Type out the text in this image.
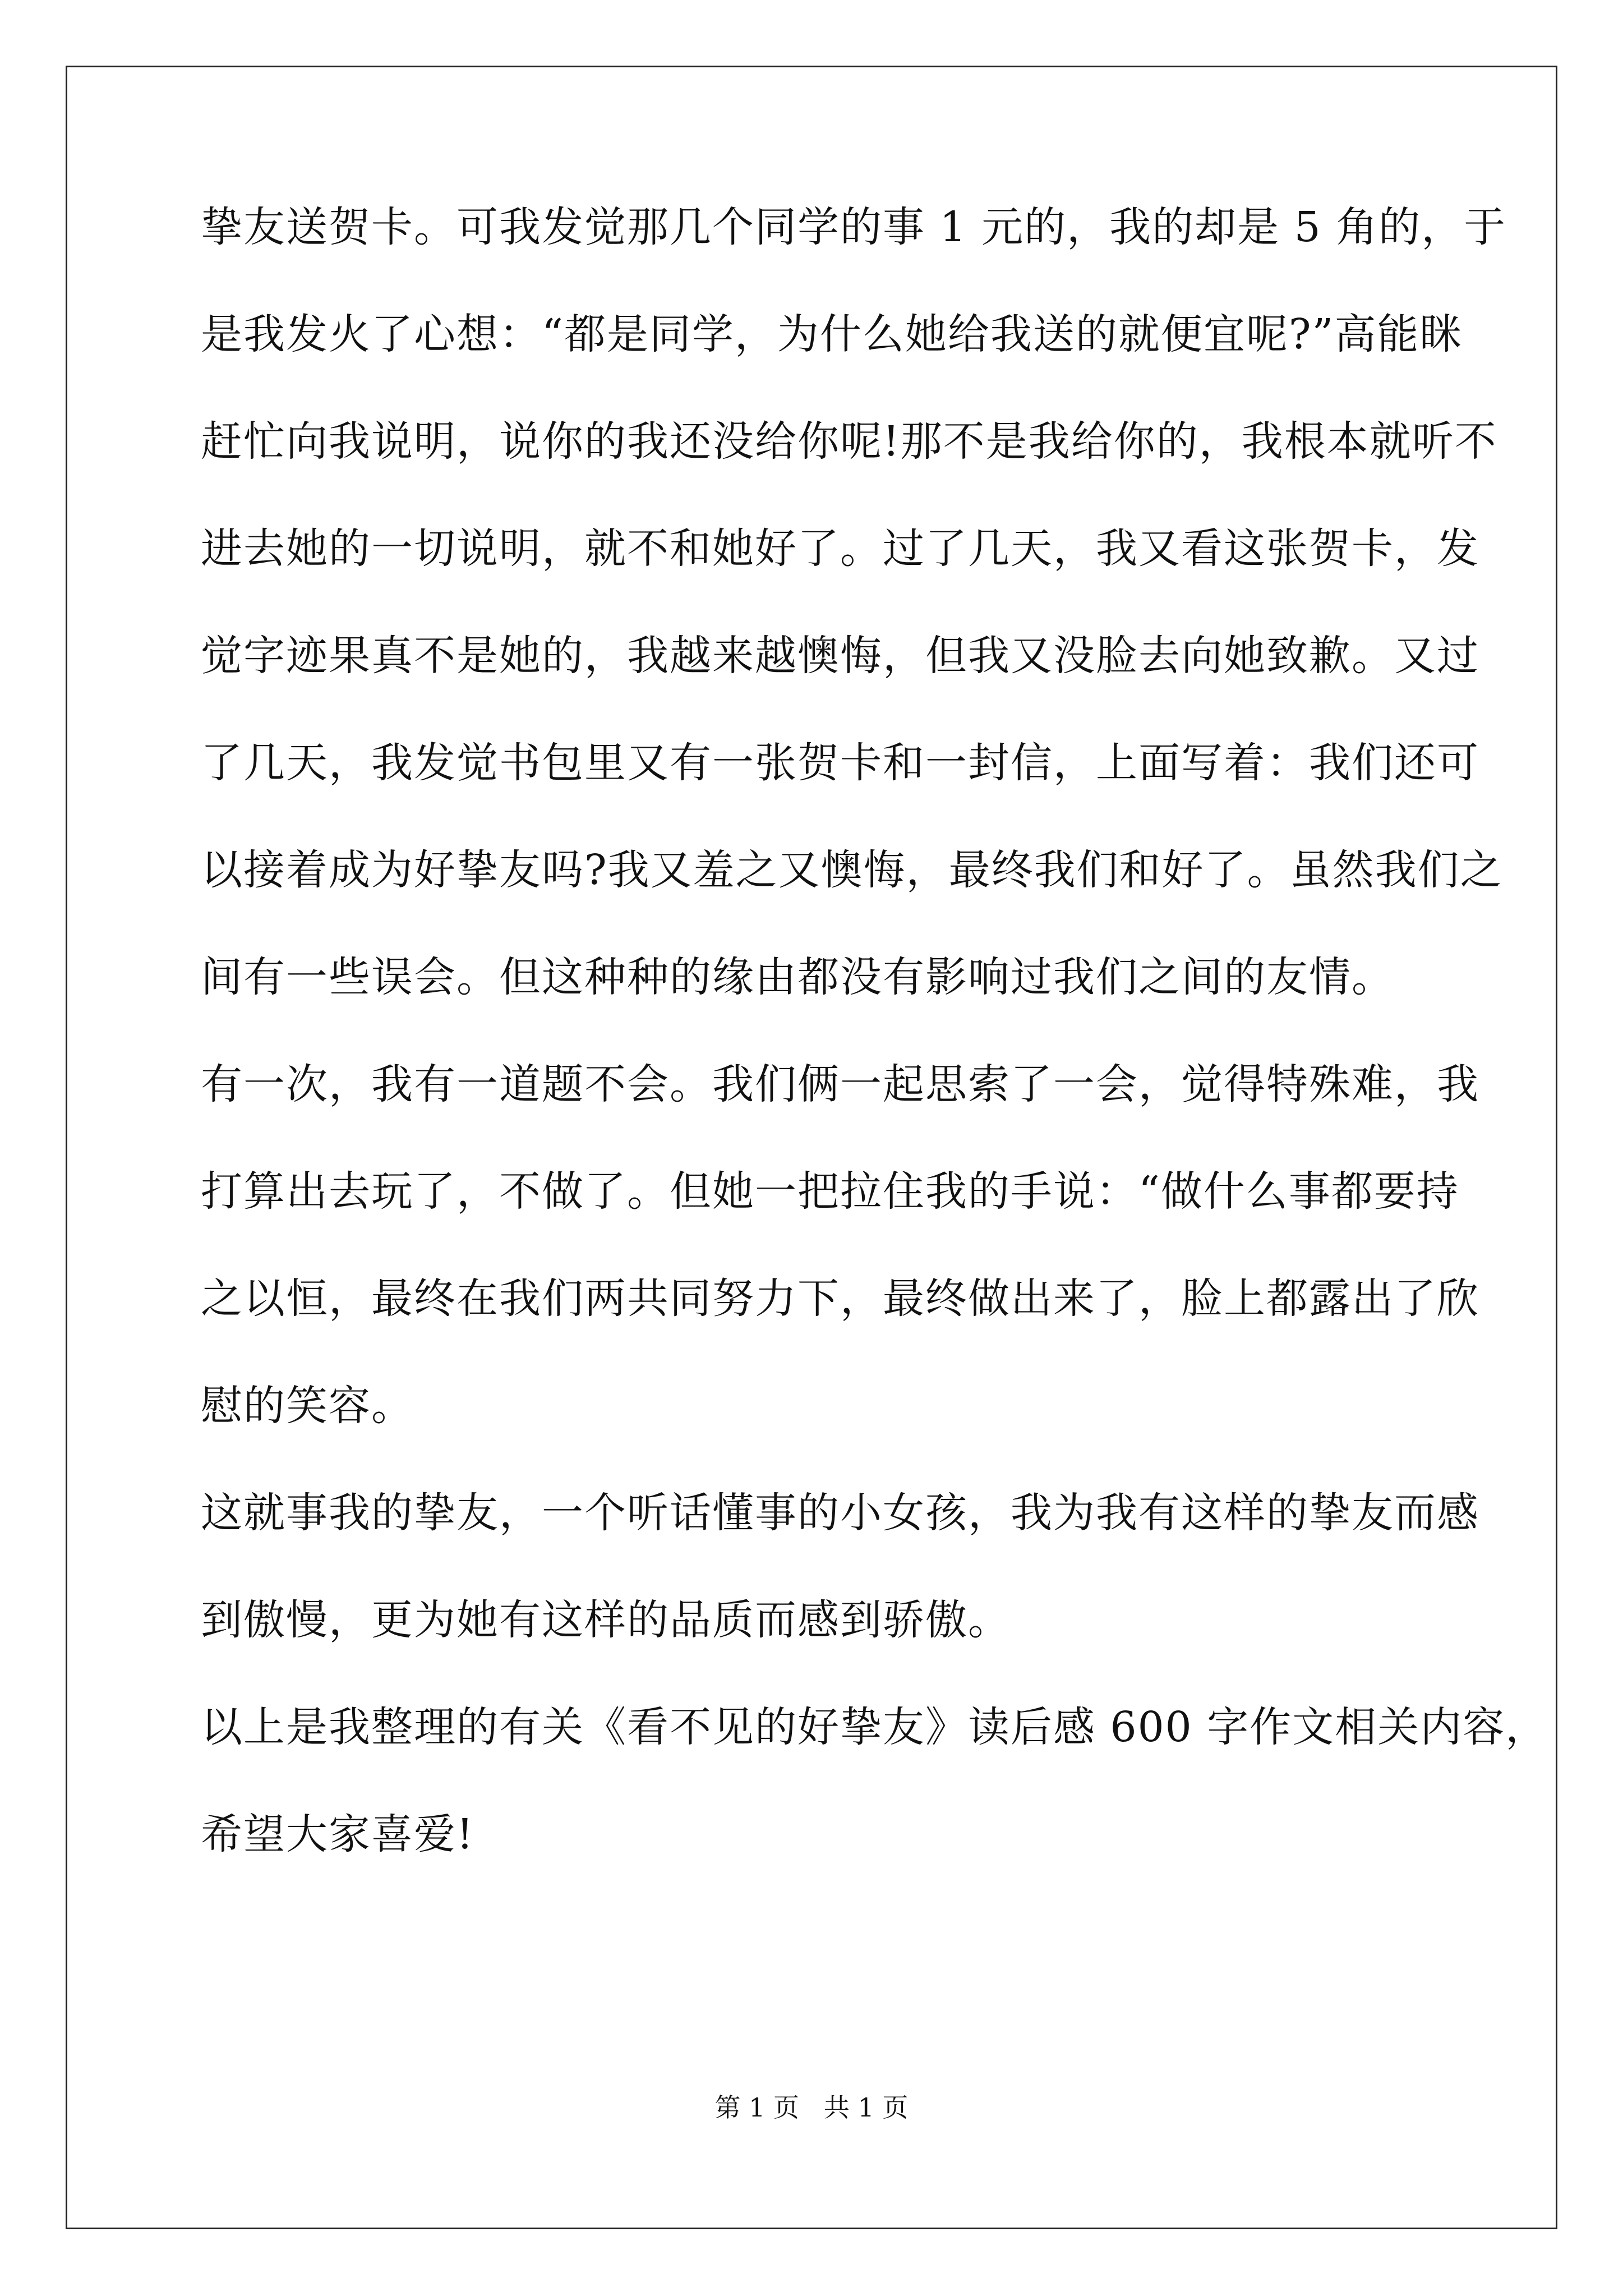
挚友送贺卡。可我发觉那几个同学的事 1 元的，我的却是 5 角的，于
是我发火了心想：“都是同学，为什么她给我送的就便宜呢?”高能眯
赶忙向我说明，说你的我还没给你呢!那不是我给你的，我根本就听不
进去她的一切说明，就不和她好了。过了几天，我又看这张贺卡，发
觉字迹果真不是她的，我越来越懊悔，但我又没脸去向她致歉。又过
了几天，我发觉书包里又有一张贺卡和一封信，上面写着：我们还可
以接着成为好挚友吗?我又羞之又懊悔，最终我们和好了。虽然我们之
间有一些误会。但这种种的缘由都没有影响过我们之间的友情。
有一次，我有一道题不会。我们俩一起思索了一会，觉得特殊难，我
打算出去玩了，不做了。但她一把拉住我的手说：“做什么事都要持
之以恒，最终在我们两共同努力下，最终做出来了，脸上都露出了欣
慰的笑容。
这就事我的挚友，一个听话懂事的小女孩，我为我有这样的挚友而感
到傲慢，更为她有这样的品质而感到骄傲。
以上是我整理的有关《看不见的好挚友》读后感 600 字作文相关内容，
希望大家喜爱!
第 1 页   共 1 页
